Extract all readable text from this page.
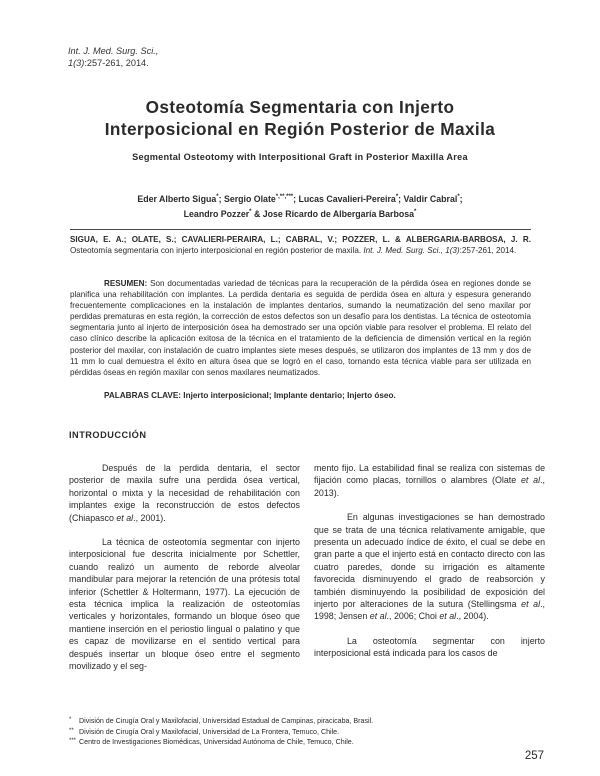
Int. J. Med. Surg. Sci.,
1(3):257-261, 2014.
Osteotomía Segmentaria con Injerto
Interposicional en Región Posterior de Maxila
Segmental Osteotomy with Interpositional Graft in Posterior Maxilla Area
Eder Alberto Sigua*; Sergio Olate*,**,***; Lucas Cavalieri-Pereira*; Valdir Cabral*;
Leandro Pozzer* & Jose Ricardo de Albergaría Barbosa*
SIGUA, E. A.; OLATE, S.; CAVALIERI-PERAIRA, L.; CABRAL, V.; POZZER, L. & ALBERGARIA-BARBOSA, J. R. Osteotomía segmentaria con injerto interposicional en región posterior de maxila. Int. J. Med. Surg. Sci., 1(3):257-261, 2014.
RESUMEN: Son documentadas variedad de técnicas para la recuperación de la pérdida ósea en regiones donde se planifica una rehabilitación con implantes. La perdida dentaria es seguida de perdida ósea en altura y espesura generando frecuentemente complicaciones en la instalación de implantes dentarios, sumando la neumatización del seno maxilar por perdidas prematuras en esta región, la corrección de estos defectos son un desafío para los dentistas. La técnica de osteotomía segmentaria junto al injerto de interposición ósea ha demostrado ser una opción viable para resolver el problema. El relato del caso clínico describe la aplicación exitosa de la técnica en el tratamiento de la deficiencia de dimensión vertical en la región posterior del maxilar, con instalación de cuatro implantes siete meses después, se utilizaron dos implantes de 13 mm y dos de 11 mm lo cual demuestra el éxito en altura ósea que se logró en el caso, tornando esta técnica viable para ser utilizada en pérdidas óseas en región maxilar con senos maxilares neumatizados.
PALABRAS CLAVE: Injerto interposicional; Implante dentario; Injerto óseo.
INTRODUCCIÓN

Después de la perdida dentaria, el sector posterior de maxila sufre una perdida ósea vertical, horizontal o mixta y la necesidad de rehabilitación con implantes exige la reconstrucción de estos defectos (Chiapasco et al., 2001).

La técnica de osteotomía segmentar con injerto interposicional fue descrita inicialmente por Schettler, cuando realizó un aumento de reborde alveolar mandibular para mejorar la retención de una prótesis total inferior (Schettler & Holtermann, 1977). La ejecución de esta técnica implica la realización de osteotomías verticales y horizontales, formando un bloque óseo que mantiene inserción en el periostio lingual o palatino y que es capaz de movilizarse en el sentido vertical para después insertar un bloque óseo entre el segmento movilizado y el seg-

mento fijo. La estabilidad final se realiza con sistemas de fijación como placas, tornillos o alambres (Olate et al., 2013).

En algunas investigaciones se han demostrado que se trata de una técnica relativamente amigable, que presenta un adecuado índice de éxito, el cual se debe en gran parte a que el injerto está en contacto directo con las cuatro paredes, donde su irrigación es altamente favorecida disminuyendo el grado de reabsorción y también disminuyendo la posibilidad de exposición del injerto por alteraciones de la sutura (Stellingsma et al., 1998; Jensen et al., 2006; Choi et al., 2004).

La osteotomía segmentar con injerto interposicional está indicada para los casos de

*	División de Cirugía Oral y Maxilofacial, Universidad Estadual de Campinas, piracicaba, Brasil.
** División de Cirugía Oral y Maxilofacial, Universidad de La Frontera, Temuco, Chile.
*** Centro de Investigaciones Biomédicas, Universidad Autónoma de Chile, Temuco, Chile.
257
